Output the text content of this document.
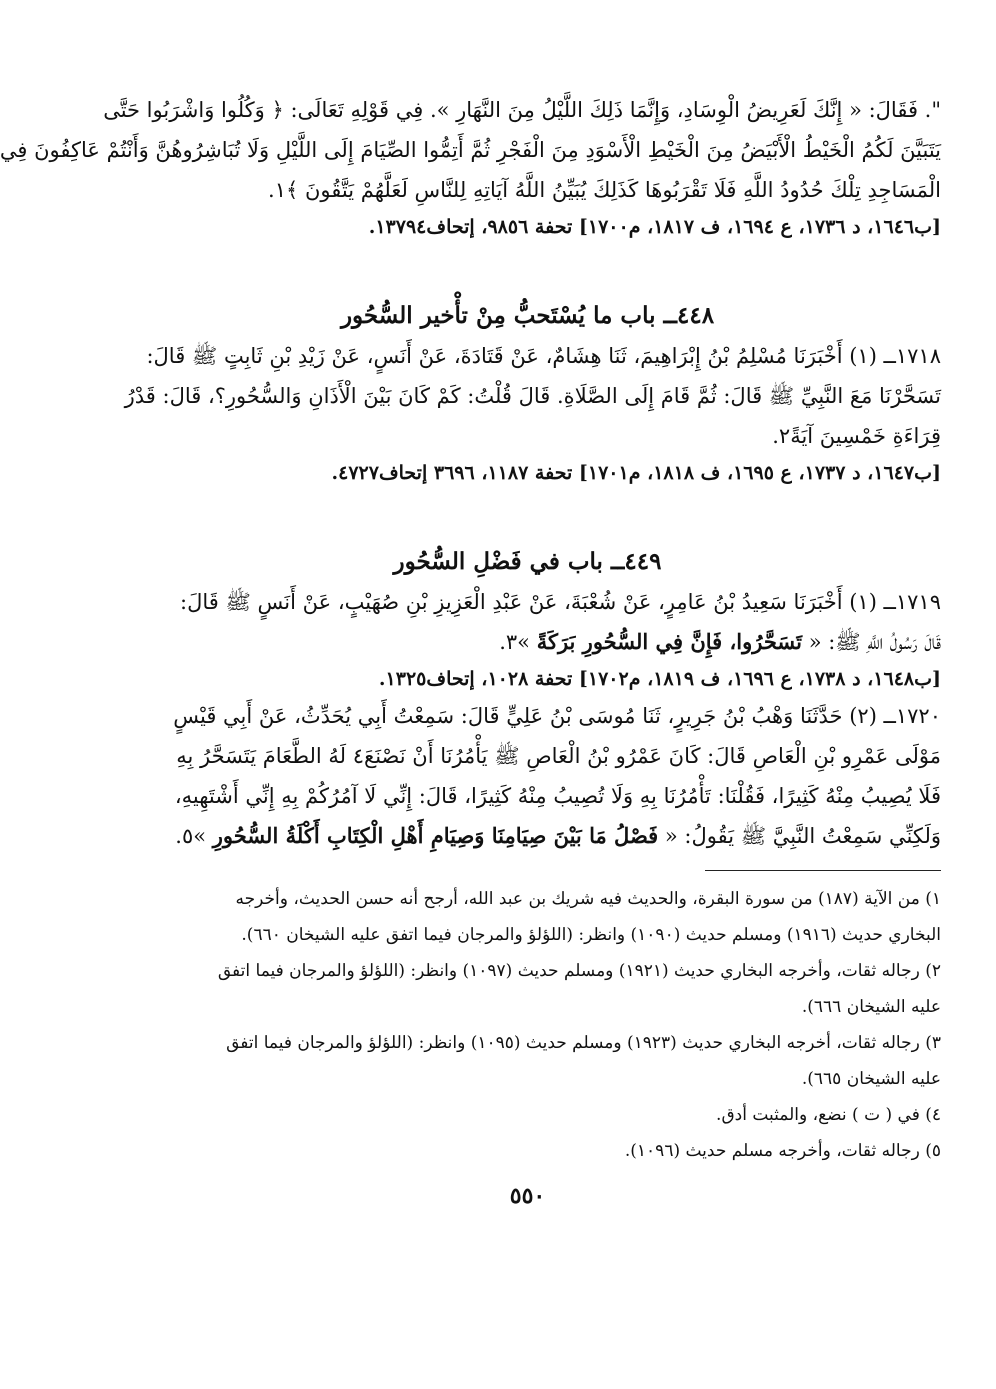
". فَقَالَ: « إِنَّكَ لَعَرِيضُ الْوِسَادِ، وَإِنَّمَا ذَلِكَ اللَّيْلُ مِنَ النَّهَارِ ». فِي قَوْلِهِ تَعَالَى: ﴿ وَكُلُوا وَاشْرَبُوا حَتَّى
يَتَبَيَّنَ لَكُمُ الْخَيْطُ الْأَبْيَضُ مِنَ الْخَيْطِ الْأَسْوَدِ مِنَ الْفَجْرِ ثُمَّ أَتِمُّوا الصِّيَامَ إِلَى اللَّيْلِ وَلَا تُبَاشِرُوهُنَّ وَأَنْتُمْ عَاكِفُونَ فِي
الْمَسَاجِدِ تِلْكَ حُدُودُ اللَّهِ فَلَا تَقْرَبُوهَا كَذَلِكَ يُبَيِّنُ اللَّهُ آيَاتِهِ لِلنَّاسِ لَعَلَّهُمْ يَتَّقُونَ ﴾١.
[ب١٦٤٦، د ١٧٣٦، ع ١٦٩٤، ف ١٨١٧، م١٧٠٠] تحفة ٩٨٥٦، إتحاف١٣٧٩٤.
٤٤٨ــ باب ما يُسْتَحبُّ مِنْ تأْخير السُّحُور
١٧١٨ــ (١) أَخْبَرَنَا مُسْلِمُ بْنُ إِبْرَاهِيمَ، ثَنَا هِشَامٌ، عَنْ قَتَادَةَ، عَنْ أَنَسٍ، عَنْ زَيْدِ بْنِ ثَابِتٍ ﷺ قَالَ:
تَسَحَّرْنَا مَعَ النَّبِيِّ ﷺ قَالَ: ثُمَّ قَامَ إِلَى الصَّلَاةِ. قَالَ قُلْتُ: كَمْ كَانَ بَيْنَ الْأَذَانِ وَالسُّحُورِ؟، قَالَ: قَدْرُ
قِرَاءَةِ خَمْسِينَ آيَةً٢.
[ب١٦٤٧، د ١٧٣٧، ع ١٦٩٥، ف ١٨١٨، م١٧٠١] تحفة ١١٨٧، ٣٦٩٦ إتحاف٤٧٢٧.
٤٤٩ــ باب في فَضْلِ السُّحُور
١٧١٩ــ (١) أَخْبَرَنَا سَعِيدُ بْنُ عَامِرٍ، عَنْ شُعْبَةَ، عَنْ عَبْدِ الْعَزِيزِ بْنِ صُهَيْبٍ، عَنْ أَنَسٍ ﷺ قَالَ:
قَالَ رَسُولُ اللَّهِ ﷺ: « تَسَحَّرُوا، فَإِنَّ فِي السُّحُورِ بَرَكَةً »٣.
[ب١٦٤٨، د ١٧٣٨، ع ١٦٩٦، ف ١٨١٩، م١٧٠٢] تحفة ١٠٢٨، إتحاف١٣٢٥.
١٧٢٠ــ (٢) حَدَّثَنَا وَهْبُ بْنُ جَرِيرٍ، ثَنَا مُوسَى بْنُ عَلِيٍّ قَالَ: سَمِعْتُ أَبِي يُحَدِّثُ، عَنْ أَبِي قَيْسٍ
مَوْلَى عَمْرِو بْنِ الْعَاصِ قَالَ: كَانَ عَمْرُو بْنُ الْعَاصِ ﷺ يَأْمُرُنَا أَنْ نَصْنَعَ٤ لَهُ الطَّعَامَ يَتَسَحَّرُ بِهِ
فَلَا يُصِيبُ مِنْهُ كَثِيرًا، فَقُلْنَا: تَأْمُرُنَا بِهِ وَلَا تُصِيبُ مِنْهُ كَثِيرًا، قَالَ: إِنِّي لَا آمُرُكُمْ بِهِ إِنِّي أَشْتَهِيهِ،
وَلَكِنِّي سَمِعْتُ النَّبِيَّ ﷺ يَقُولُ: « فَصْلُ مَا بَيْنَ صِيَامِنَا وَصِيَامِ أَهْلِ الْكِتَابِ أَكْلَةُ السُّحُورِ »٥.
١) من الآية (١٨٧) من سورة البقرة، والحديث فيه شريك بن عبد الله، أرجح أنه حسن الحديث، وأخرجه
البخاري حديث (١٩١٦) ومسلم حديث (١٠٩٠) وانظر: (اللؤلؤ والمرجان فيما اتفق عليه الشيخان ٦٦٠).
٢) رجاله ثقات، وأخرجه البخاري حديث (١٩٢١) ومسلم حديث (١٠٩٧) وانظر: (اللؤلؤ والمرجان فيما اتفق
عليه الشيخان ٦٦٦).
٣) رجاله ثقات، أخرجه البخاري حديث (١٩٢٣) ومسلم حديث (١٠٩٥) وانظر: (اللؤلؤ والمرجان فيما اتفق
عليه الشيخان ٦٦٥).
٤) في ( ت ) نضع، والمثبت أدق.
٥) رجاله ثقات، وأخرجه مسلم حديث (١٠٩٦).
٥٥٠
